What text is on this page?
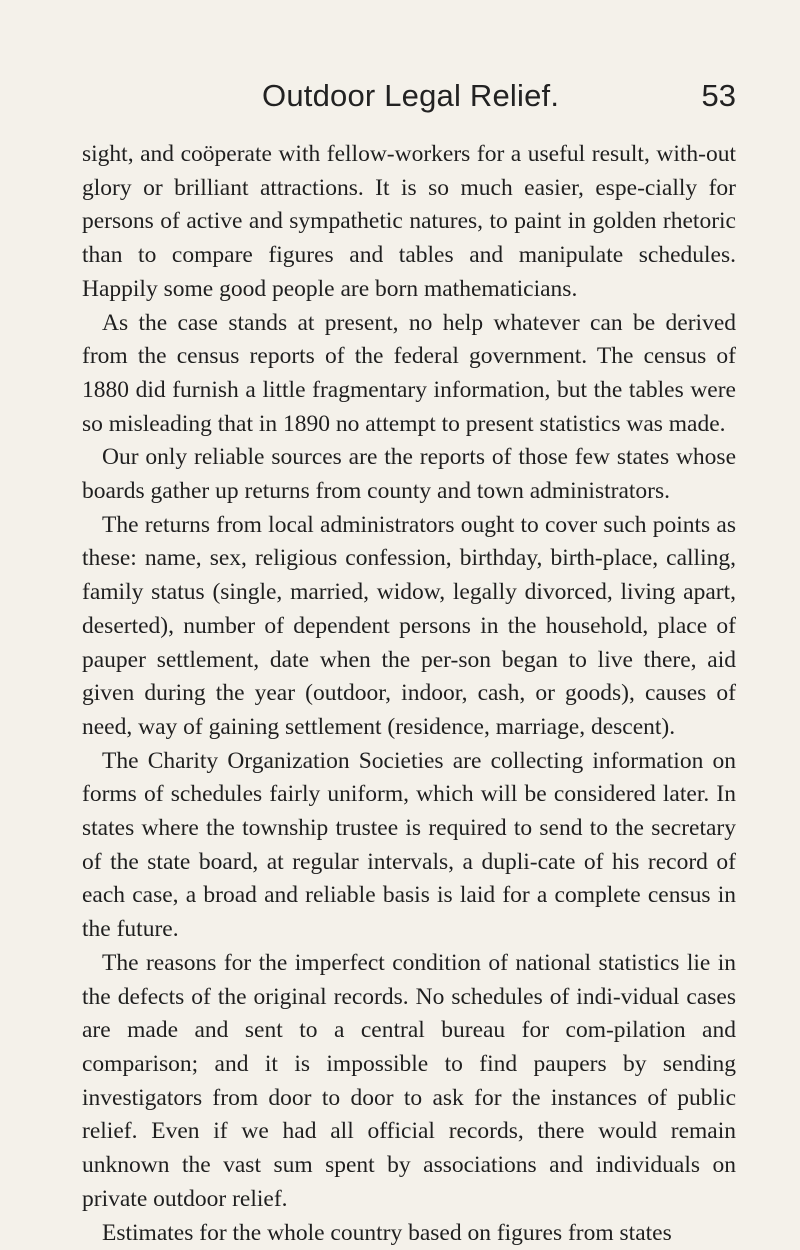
Outdoor Legal Relief.	53

sight, and coöperate with fellow-workers for a useful result, with-out glory or brilliant attractions. It is so much easier, espe-cially for persons of active and sympathetic natures, to paint in golden rhetoric than to compare figures and tables and manipulate schedules. Happily some good people are born mathematicians.

As the case stands at present, no help whatever can be derived from the census reports of the federal government. The census of 1880 did furnish a little fragmentary information, but the tables were so misleading that in 1890 no attempt to present statistics was made.

Our only reliable sources are the reports of those few states whose boards gather up returns from county and town administrators.

The returns from local administrators ought to cover such points as these: name, sex, religious confession, birthday, birth-place, calling, family status (single, married, widow, legally divorced, living apart, deserted), number of dependent persons in the household, place of pauper settlement, date when the per-son began to live there, aid given during the year (outdoor, indoor, cash, or goods), causes of need, way of gaining settlement (residence, marriage, descent).

The Charity Organization Societies are collecting information on forms of schedules fairly uniform, which will be considered later. In states where the township trustee is required to send to the secretary of the state board, at regular intervals, a dupli-cate of his record of each case, a broad and reliable basis is laid for a complete census in the future.

The reasons for the imperfect condition of national statistics lie in the defects of the original records. No schedules of indi-vidual cases are made and sent to a central bureau for com-pilation and comparison; and it is impossible to find paupers by sending investigators from door to door to ask for the instances of public relief. Even if we had all official records, there would remain unknown the vast sum spent by associations and individuals on private outdoor relief.

Estimates for the whole country based on figures from states
